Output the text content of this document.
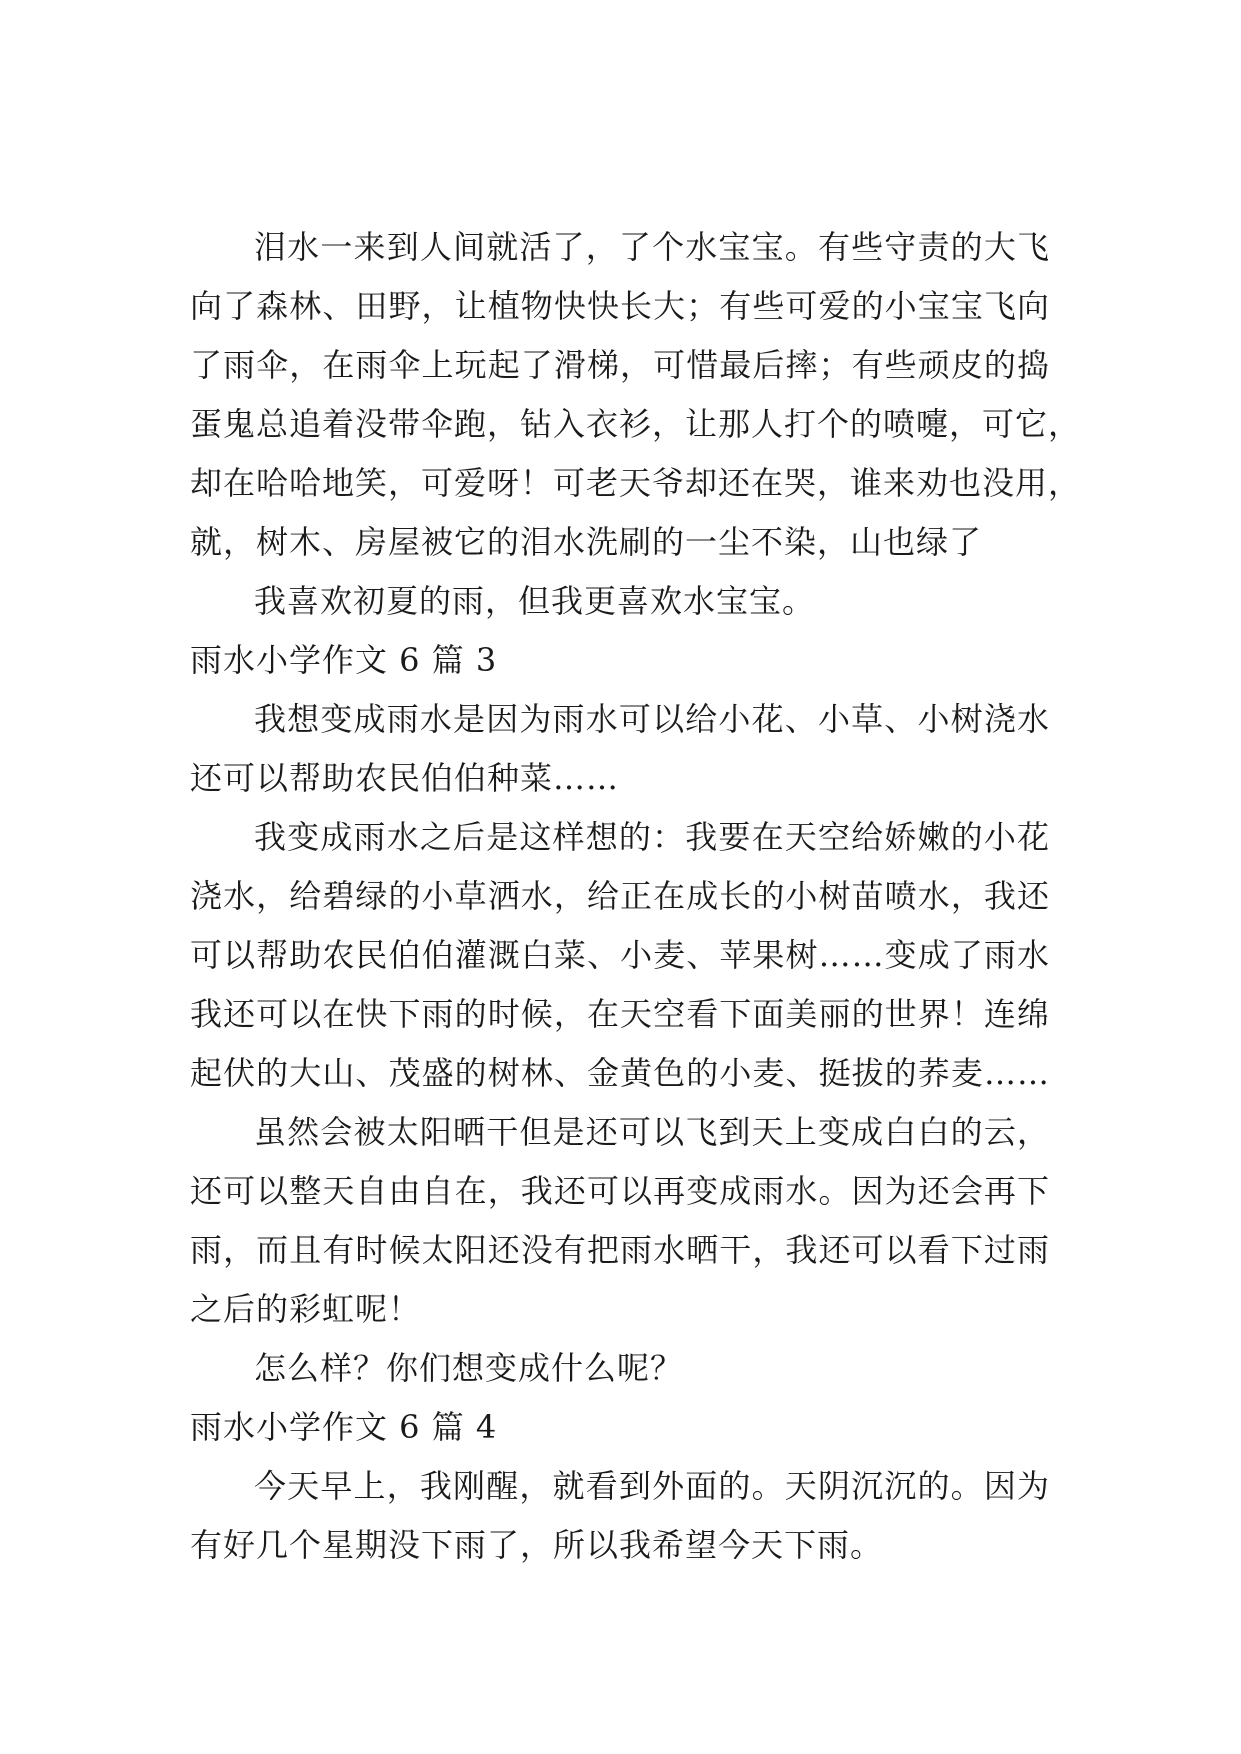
泪水一来到人间就活了，了个水宝宝。有些守责的大飞
向了森林、田野，让植物快快长大；有些可爱的小宝宝飞向
了雨伞，在雨伞上玩起了滑梯，可惜最后摔；有些顽皮的捣
蛋鬼总追着没带伞跑，钻入衣衫，让那人打个的喷嚏，可它，
却在哈哈地笑，可爱呀！可老天爷却还在哭，谁来劝也没用，
就，树木、房屋被它的泪水洗刷的一尘不染，山也绿了
我喜欢初夏的雨，但我更喜欢水宝宝。
雨水小学作文 6 篇 3
我想变成雨水是因为雨水可以给小花、小草、小树浇水
还可以帮助农民伯伯种菜……
我变成雨水之后是这样想的：我要在天空给娇嫩的小花
浇水，给碧绿的小草洒水，给正在成长的小树苗喷水，我还
可以帮助农民伯伯灌溉白菜、小麦、苹果树……变成了雨水
我还可以在快下雨的时候，在天空看下面美丽的世界！连绵
起伏的大山、茂盛的树林、金黄色的小麦、挺拔的荞麦……
虽然会被太阳晒干但是还可以飞到天上变成白白的云，
还可以整天自由自在，我还可以再变成雨水。因为还会再下
雨，而且有时候太阳还没有把雨水晒干，我还可以看下过雨
之后的彩虹呢！
怎么样？你们想变成什么呢？
雨水小学作文 6 篇 4
今天早上，我刚醒，就看到外面的。天阴沉沉的。因为
有好几个星期没下雨了，所以我希望今天下雨。
